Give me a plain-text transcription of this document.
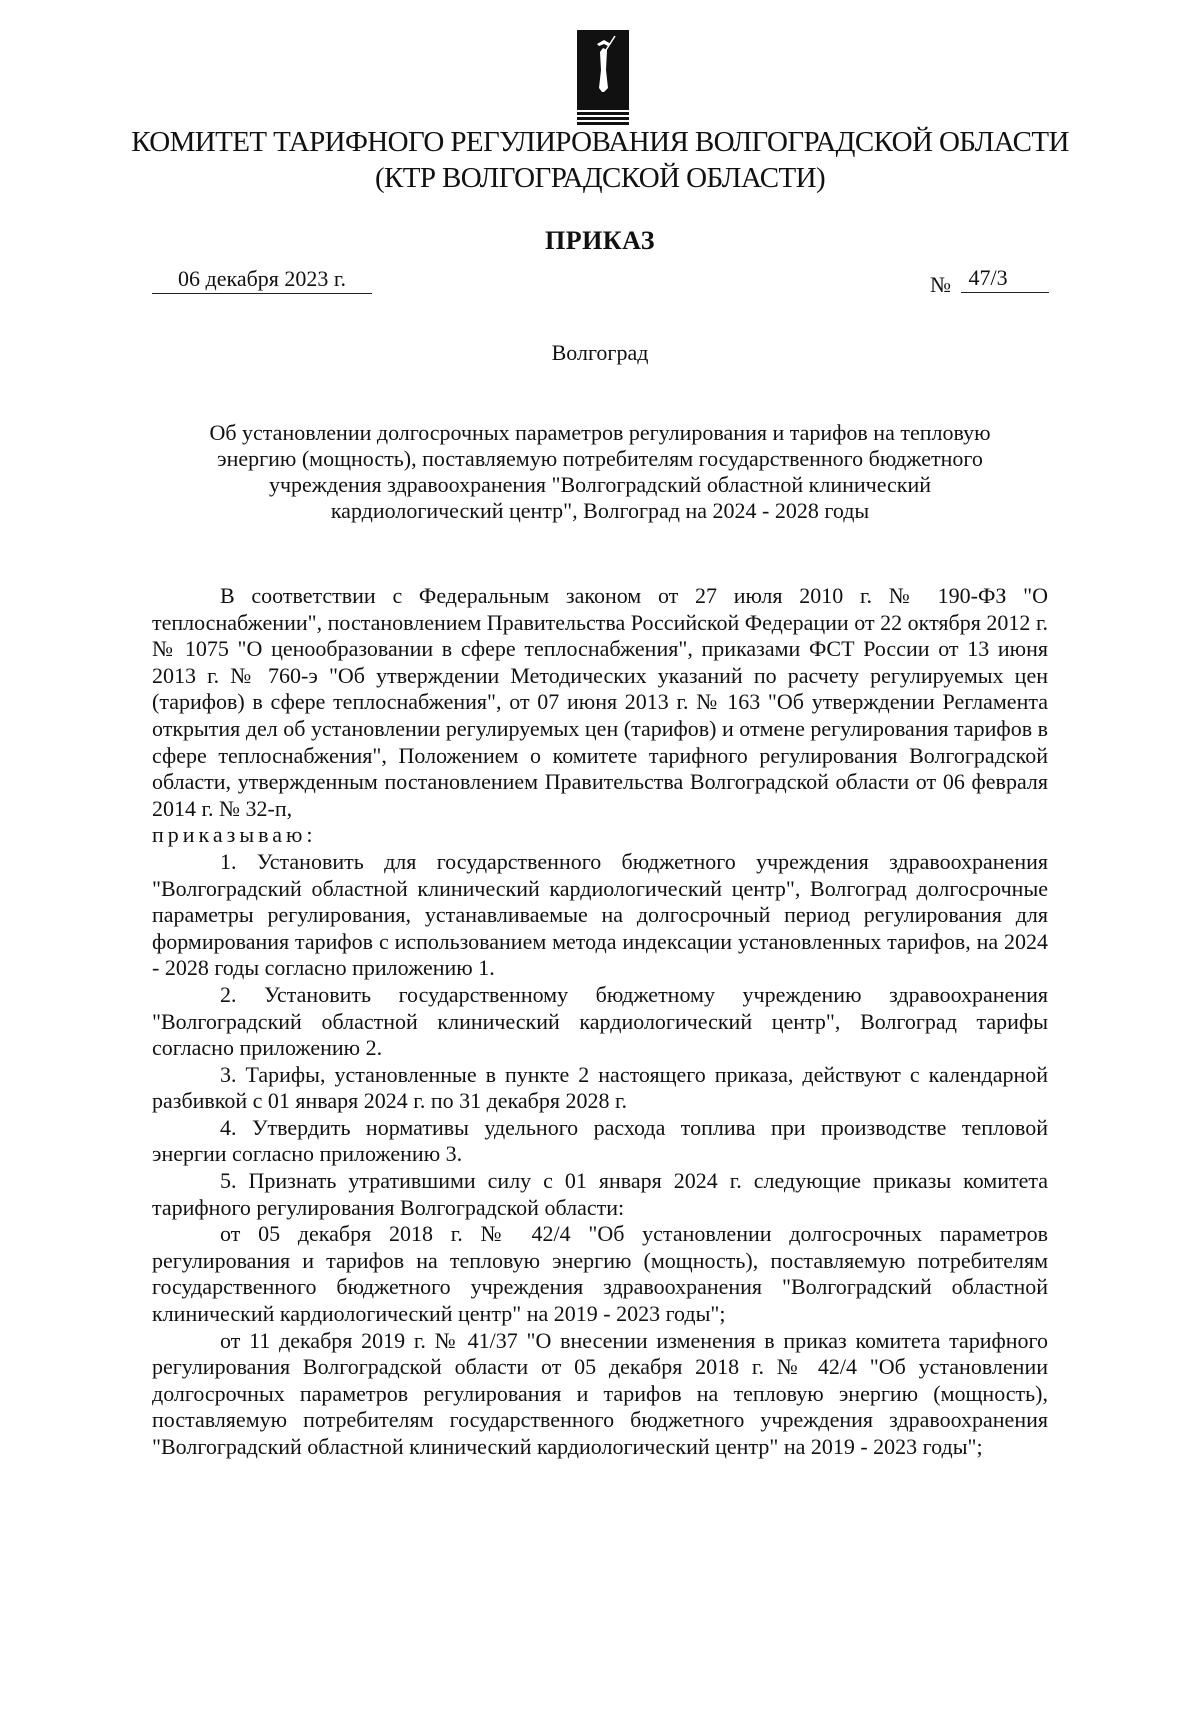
КОМИТЕТ ТАРИФНОГО РЕГУЛИРОВАНИЯ ВОЛГОГРАДСКОЙ ОБЛАСТИ
(КТР ВОЛГОГРАДСКОЙ ОБЛАСТИ)
ПРИКАЗ
06 декабря 2023 г.	№ 47/3
Волгоград
Об установлении долгосрочных параметров регулирования и тарифов на тепловую
энергию (мощность), поставляемую потребителям государственного бюджетного
учреждения здравоохранения "Волгоградский областной клинический
кардиологический центр", Волгоград на 2024 - 2028 годы

В соответствии с Федеральным законом от 27 июля 2010 г. № 190-ФЗ "О теплоснабжении", постановлением Правительства Российской Федерации от 22 октября 2012 г. № 1075 "О ценообразовании в сфере теплоснабжения", приказами ФСТ России от 13 июня 2013 г. № 760-э "Об утверждении Методических указаний по расчету регулируемых цен (тарифов) в сфере теплоснабжения", от 07 июня 2013 г. № 163 "Об утверждении Регламента открытия дел об установлении регулируемых цен (тарифов) и отмене регулирования тарифов в сфере теплоснабжения", Положением о комитете тарифного регулирования Волгоградской области, утвержденным постановлением Правительства Волгоградской области от 06 февраля 2014 г. № 32-п,

приказываю:

1. Установить для государственного бюджетного учреждения здравоохранения "Волгоградский областной клинический кардиологический центр", Волгоград долгосрочные параметры регулирования, устанавливаемые на долгосрочный период регулирования для формирования тарифов с использованием метода индексации установленных тарифов, на 2024 - 2028 годы согласно приложению 1.

2. Установить государственному бюджетному учреждению здравоохранения "Волгоградский областной клинический кардиологический центр", Волгоград тарифы согласно приложению 2.

3. Тарифы, установленные в пункте 2 настоящего приказа, действуют с календарной разбивкой с 01 января 2024 г. по 31 декабря 2028 г.

4. Утвердить нормативы удельного расхода топлива при производстве тепловой энергии согласно приложению 3.

5. Признать утратившими силу с 01 января 2024 г. следующие приказы комитета тарифного регулирования Волгоградской области:

от 05 декабря 2018 г. № 42/4 "Об установлении долгосрочных параметров регулирования и тарифов на тепловую энергию (мощность), поставляемую потребителям государственного бюджетного учреждения здравоохранения "Волгоградский областной клинический кардиологический центр" на 2019 - 2023 годы";

от 11 декабря 2019 г. № 41/37 "О внесении изменения в приказ комитета тарифного регулирования Волгоградской области от 05 декабря 2018 г. № 42/4 "Об установлении долгосрочных параметров регулирования и тарифов на тепловую энергию (мощность), поставляемую потребителям государственного бюджетного учреждения здравоохранения "Волгоградский областной клинический кардиологический центр" на 2019 - 2023 годы";
